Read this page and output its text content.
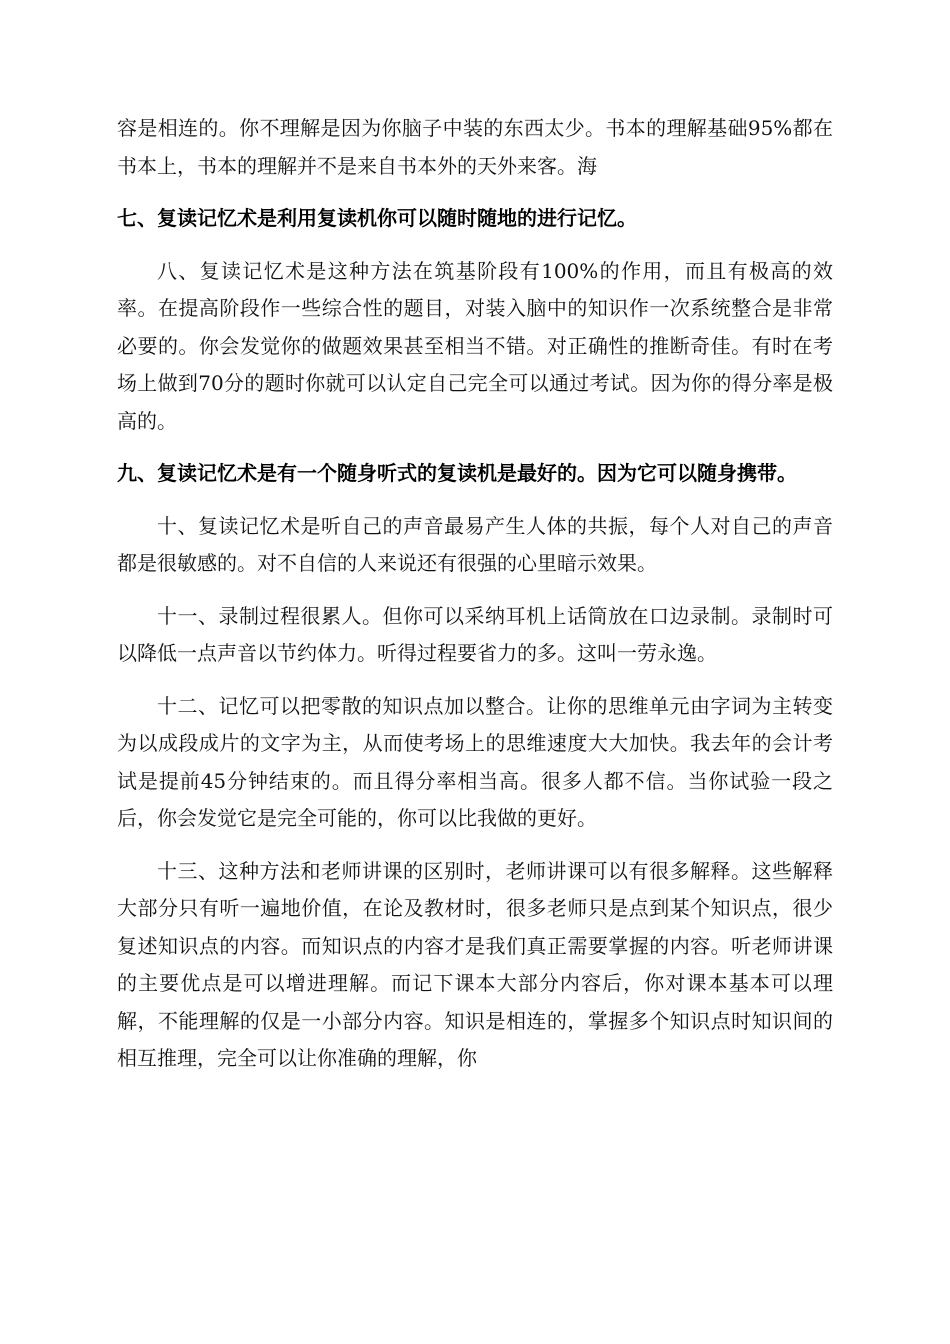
容是相连的。你不理解是因为你脑子中装的东西太少。书本的理解基础95%都在书本上，书本的理解并不是来自书本外的天外来客。海

七、复读记忆术是利用复读机你可以随时随地的进行记忆。

八、复读记忆术是这种方法在筑基阶段有100%的作用，而且有极高的效率。在提高阶段作一些综合性的题目，对装入脑中的知识作一次系统整合是非常必要的。你会发觉你的做题效果甚至相当不错。对正确性的推断奇佳。有时在考场上做到70分的题时你就可以认定自己完全可以通过考试。因为你的得分率是极高的。

九、复读记忆术是有一个随身听式的复读机是最好的。因为它可以随身携带。

十、复读记忆术是听自己的声音最易产生人体的共振，每个人对自己的声音都是很敏感的。对不自信的人来说还有很强的心里暗示效果。

十一、录制过程很累人。但你可以采纳耳机上话筒放在口边录制。录制时可以降低一点声音以节约体力。听得过程要省力的多。这叫一劳永逸。

十二、记忆可以把零散的知识点加以整合。让你的思维单元由字词为主转变为以成段成片的文字为主，从而使考场上的思维速度大大加快。我去年的会计考试是提前45分钟结束的。而且得分率相当高。很多人都不信。当你试验一段之后，你会发觉它是完全可能的，你可以比我做的更好。

十三、这种方法和老师讲课的区别时，老师讲课可以有很多解释。这些解释大部分只有听一遍地价值，在论及教材时，很多老师只是点到某个知识点，很少复述知识点的内容。而知识点的内容才是我们真正需要掌握的内容。听老师讲课的主要优点是可以增进理解。而记下课本大部分内容后，你对课本基本可以理解，不能理解的仅是一小部分内容。知识是相连的，掌握多个知识点时知识间的相互推理，完全可以让你准确的理解，你
